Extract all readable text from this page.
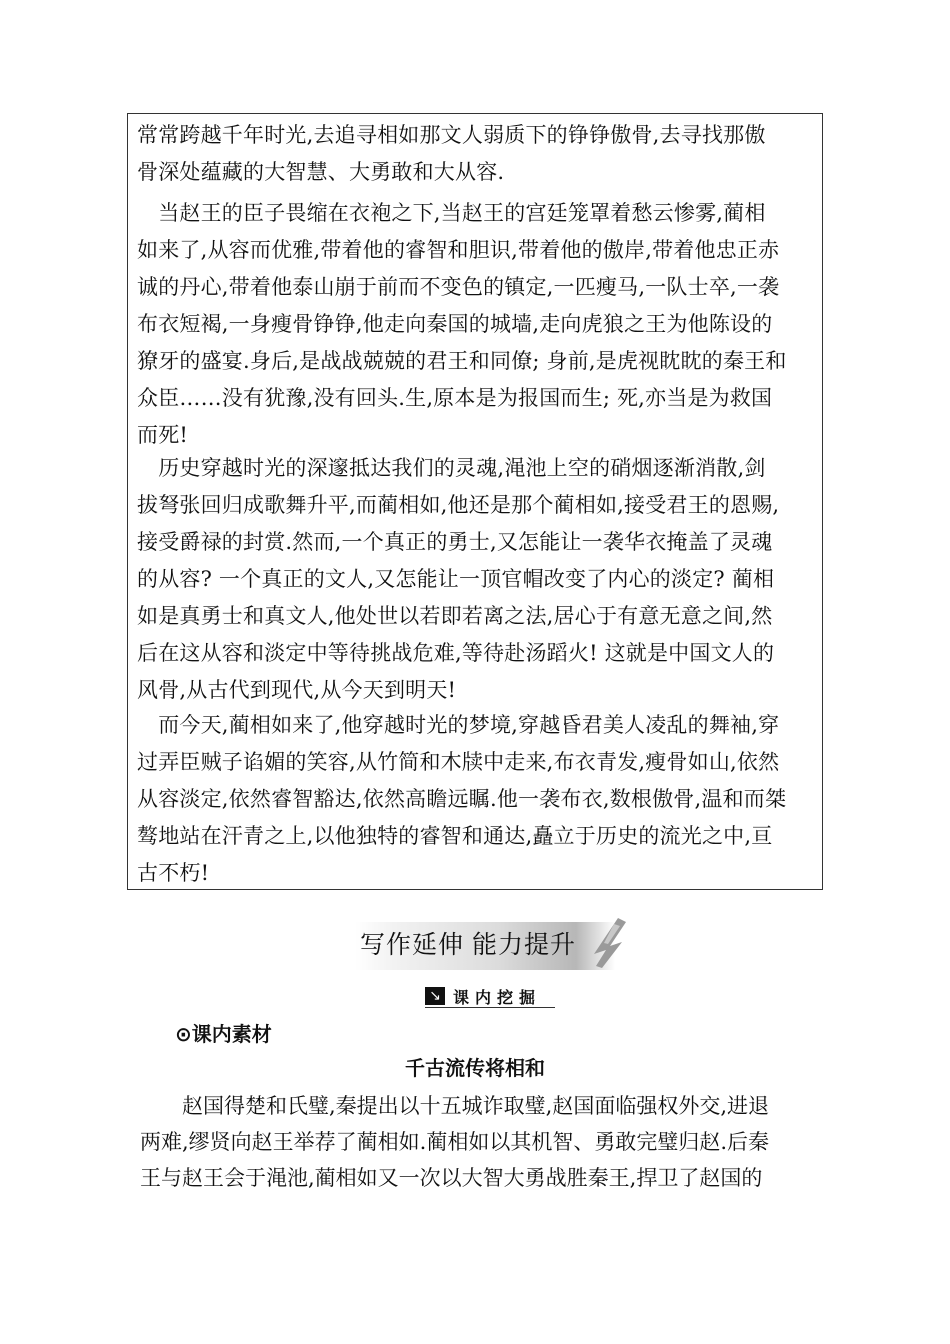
常常跨越千年时光,去追寻相如那文人弱质下的铮铮傲骨,去寻找那傲
骨深处蕴藏的大智慧、大勇敢和大从容.
　当赵王的臣子畏缩在衣袍之下,当赵王的宫廷笼罩着愁云惨雾,蔺相
如来了,从容而优雅,带着他的睿智和胆识,带着他的傲岸,带着他忠正赤
诚的丹心,带着他泰山崩于前而不变色的镇定,一匹瘦马,一队士卒,一袭
布衣短褐,一身瘦骨铮铮,他走向秦国的城墙,走向虎狼之王为他陈设的
獠牙的盛宴.身后,是战战兢兢的君王和同僚; 身前,是虎视眈眈的秦王和
众臣……没有犹豫,没有回头.生,原本是为报国而生; 死,亦当是为救国
而死!
　历史穿越时光的深邃抵达我们的灵魂,渑池上空的硝烟逐渐消散,剑
拔弩张回归成歌舞升平,而蔺相如,他还是那个蔺相如,接受君王的恩赐,
接受爵禄的封赏.然而,一个真正的勇士,又怎能让一袭华衣掩盖了灵魂
的从容? 一个真正的文人,又怎能让一顶官帽改变了内心的淡定? 蔺相
如是真勇士和真文人,他处世以若即若离之法,居心于有意无意之间,然
后在这从容和淡定中等待挑战危难,等待赴汤蹈火! 这就是中国文人的
风骨,从古代到现代,从今天到明天!
　而今天,蔺相如来了,他穿越时光的梦境,穿越昏君美人凌乱的舞袖,穿
过弄臣贼子谄媚的笑容,从竹简和木牍中走来,布衣青发,瘦骨如山,依然
从容淡定,依然睿智豁达,依然高瞻远瞩.他一袭布衣,数根傲骨,温和而桀
骜地站在汗青之上,以他独特的睿智和通达,矗立于历史的流光之中,亘
古不朽!
写作延伸 能力提升
↘ 课内挖掘
⊙课内素材
千古流传将相和
　　赵国得楚和氏璧,秦提出以十五城诈取璧,赵国面临强权外交,进退
两难,缪贤向赵王举荐了蔺相如.蔺相如以其机智、勇敢完璧归赵.后秦
王与赵王会于渑池,蔺相如又一次以大智大勇战胜秦王,捍卫了赵国的
